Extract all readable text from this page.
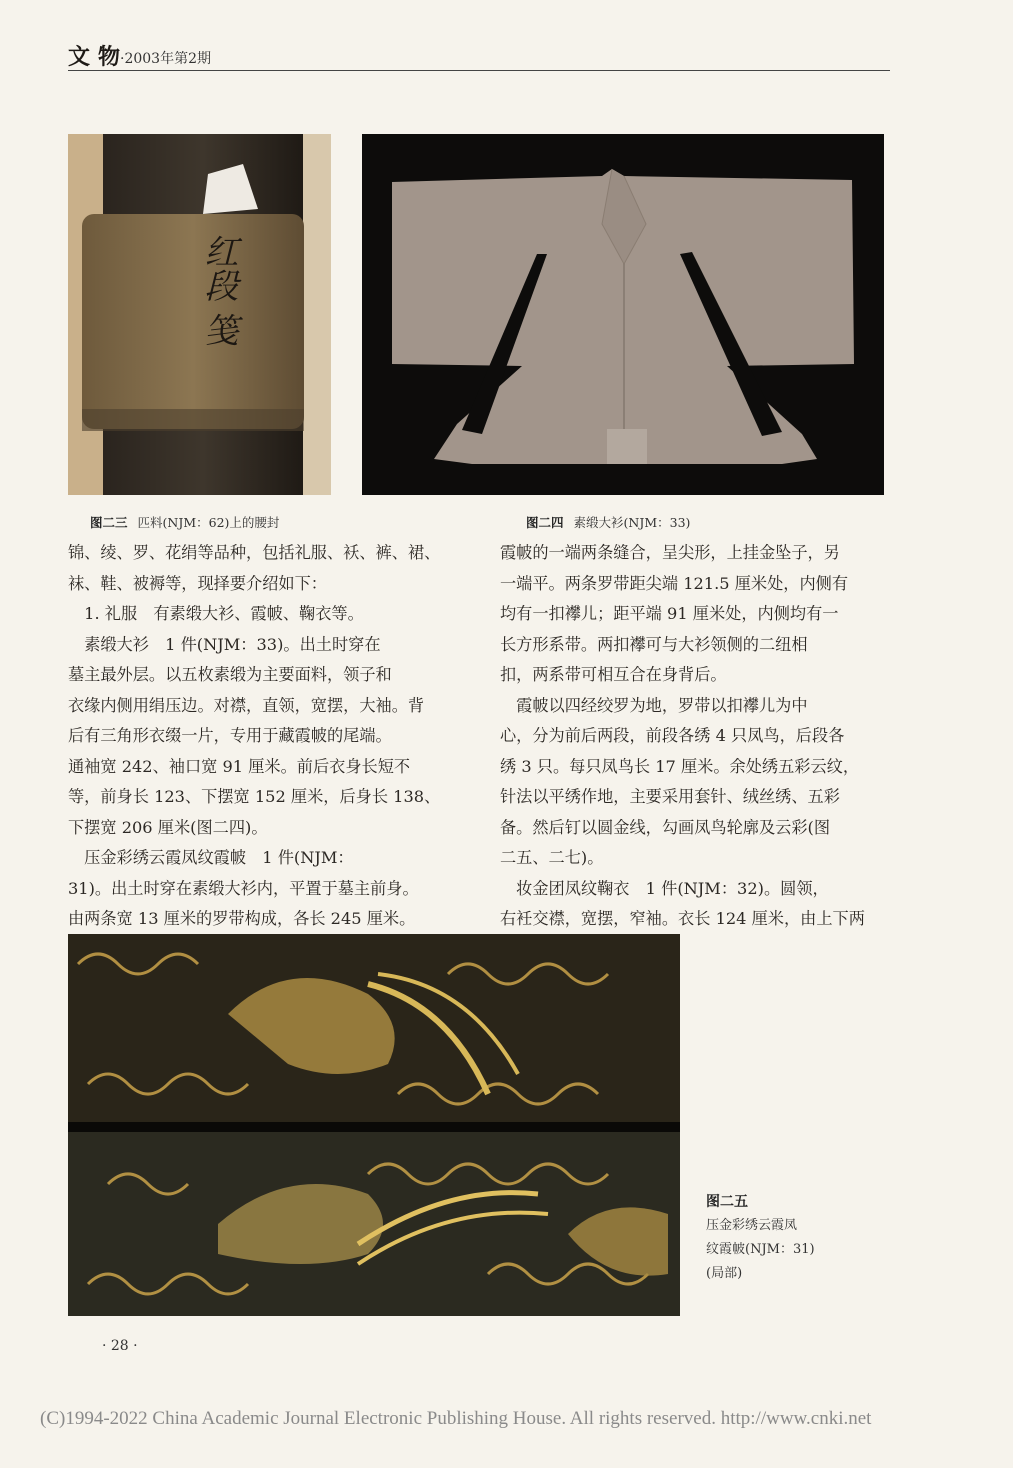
文物
·2003年第2期
红段 笺
图二三 匹料(NJM：62)上的腰封	图二四 素缎大衫(NJM：33)

锦、绫、罗、花绢等品种，包括礼服、袄、裤、裙、

袜、鞋、被褥等，现择要介绍如下：

　1. 礼服　有素缎大衫、霞帔、鞠衣等。

　素缎大衫　1 件(NJM：33)。出土时穿在

墓主最外层。以五枚素缎为主要面料，领子和

衣缘内侧用绢压边。对襟，直领，宽摆，大袖。背

后有三角形衣缀一片，专用于藏霞帔的尾端。

通袖宽 242、袖口宽 91 厘米。前后衣身长短不

等，前身长 123、下摆宽 152 厘米，后身长 138、

下摆宽 206 厘米(图二四)。

　压金彩绣云霞凤纹霞帔　1 件(NJM：

31)。出土时穿在素缎大衫内，平置于墓主前身。

由两条宽 13 厘米的罗带构成，各长 245 厘米。

霞帔的一端两条缝合，呈尖形，上挂金坠子，另

一端平。两条罗带距尖端 121.5 厘米处，内侧有

均有一扣襻儿；距平端 91 厘米处，内侧均有一

长方形系带。两扣襻可与大衫领侧的二纽相

扣，两系带可相互合在身背后。

　霞帔以四经绞罗为地，罗带以扣襻儿为中

心，分为前后两段，前段各绣 4 只凤鸟，后段各

绣 3 只。每只凤鸟长 17 厘米。余处绣五彩云纹，

针法以平绣作地，主要采用套针、绒丝绣、五彩

备。然后钉以圆金线，勾画凤鸟轮廓及云彩(图

二五、二七)。

　妆金团凤纹鞠衣　1 件(NJM：32)。圆领，

右衽交襟，宽摆，窄袖。衣长 124 厘米，由上下两

图二五
压金彩绣云霞凤
纹霞帔(NJM：31)
(局部)
· 28 ·
(C)1994-2022 China Academic Journal Electronic Publishing House. All rights reserved. http://www.cnki.net
